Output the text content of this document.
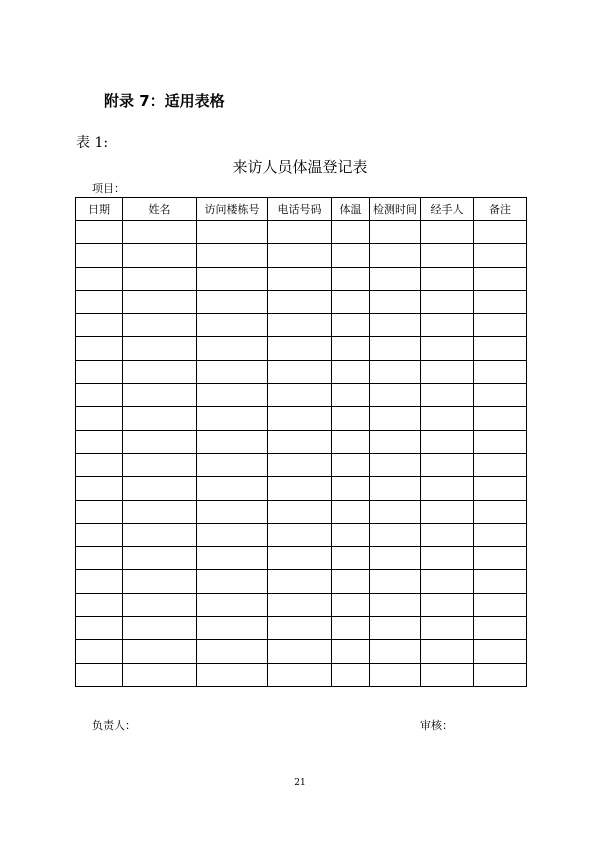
附录 7：适用表格
表 1:
来访人员体温登记表
项目：
日期	姓名	访问楼栋号	电话号码	体温	检测时间	经手人	备注

负责人：	审核：
21
